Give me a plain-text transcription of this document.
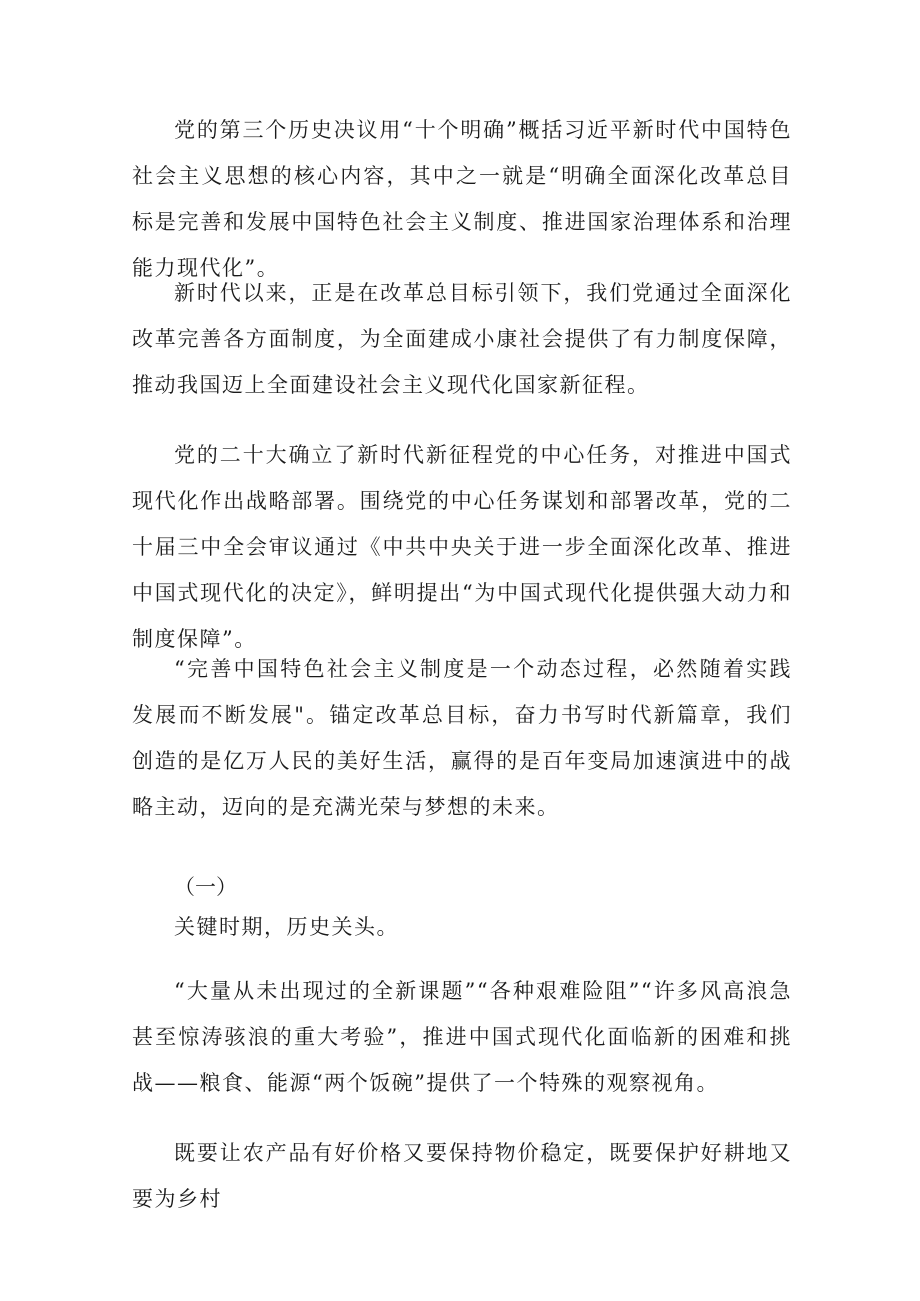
党的第三个历史决议用“十个明确”概括习近平新时代中国特色社会主义思想的核心内容，其中之一就是“明确全面深化改革总目标是完善和发展中国特色社会主义制度、推进国家治理体系和治理能力现代化”。

新时代以来，正是在改革总目标引领下，我们党通过全面深化改革完善各方面制度，为全面建成小康社会提供了有力制度保障，推动我国迈上全面建设社会主义现代化国家新征程。

党的二十大确立了新时代新征程党的中心任务，对推进中国式现代化作出战略部署。围绕党的中心任务谋划和部署改革，党的二十届三中全会审议通过《中共中央关于进一步全面深化改革、推进中国式现代化的决定》，鲜明提出“为中国式现代化提供强大动力和制度保障”。

“完善中国特色社会主义制度是一个动态过程，必然随着实践发展而不断发展"。锚定改革总目标，奋力书写时代新篇章，我们创造的是亿万人民的美好生活，赢得的是百年变局加速演进中的战略主动，迈向的是充满光荣与梦想的未来。

（一）
关键时期，历史关头。

“大量从未出现过的全新课题”“各种艰难险阻”“许多风高浪急甚至惊涛骇浪的重大考验”，推进中国式现代化面临新的困难和挑战——粮食、能源“两个饭碗”提供了一个特殊的观察视角。

既要让农产品有好价格又要保持物价稳定，既要保护好耕地又要为乡村
